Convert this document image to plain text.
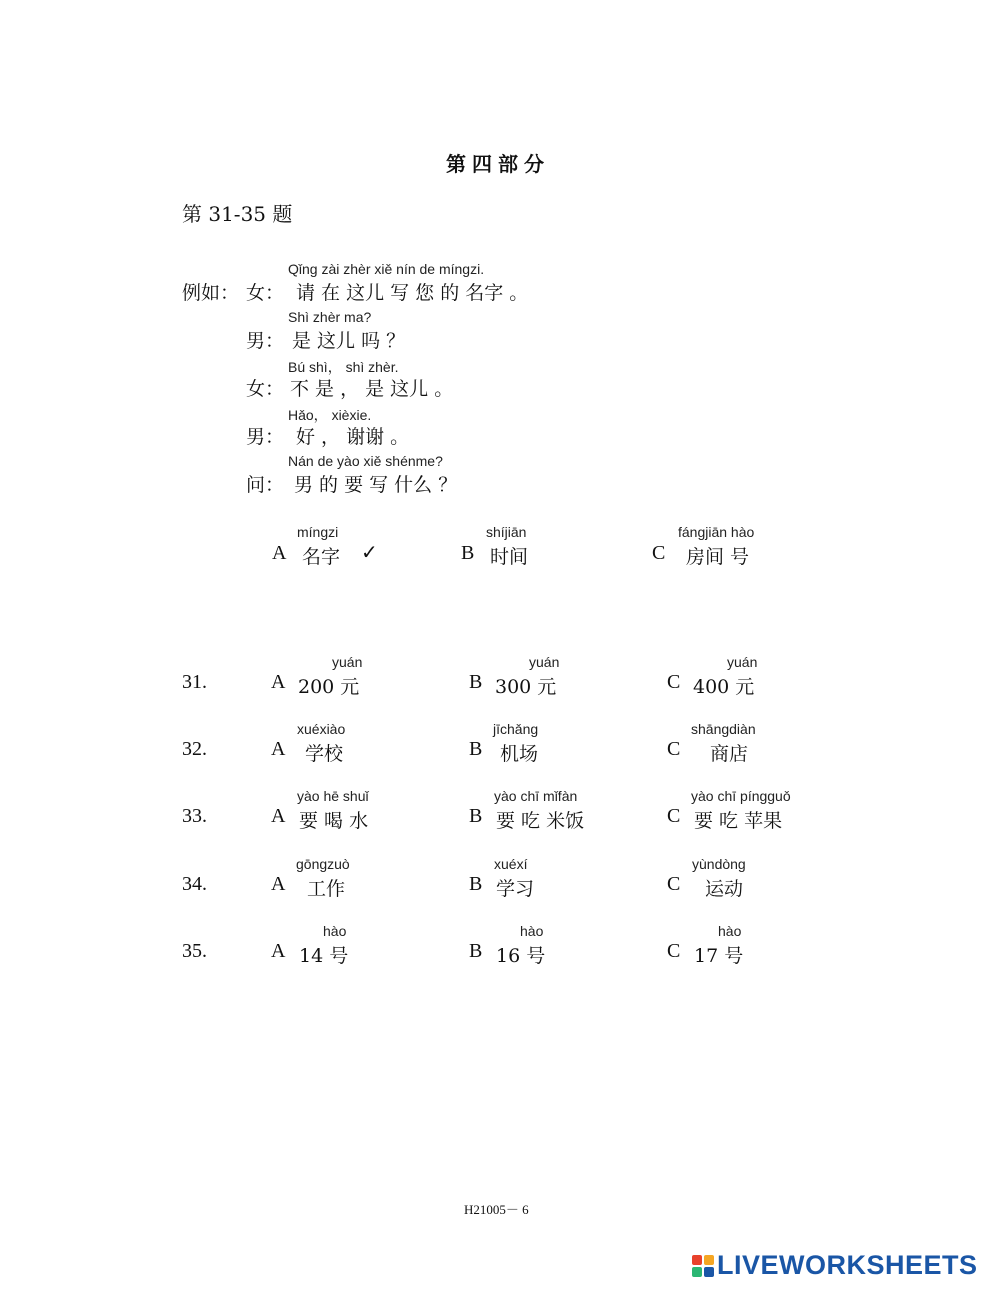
第四部分
第 31-35 题
例如： 女：
Qǐng zài zhèr xiě nín de míngzi.
请 在 这儿 写 您 的 名字 。
男：
Shì zhèr ma?
是 这儿 吗 ？
女：
Bú shì， shì zhèr.
不 是 ， 是 这儿 。
男：
Hǎo， xièxie.
好 ， 谢谢 。
问：
Nán de yào xiě shénme?
男 的 要 写 什么 ？
A
míngzi
名字 ✓	B
shíjiān
时间	C
fángjiān hào
房间 号
31.	A
yuán
200 元	B
yuán
300 元	C
yuán
400 元
32.	A
xuéxiào
学校	B
jīchǎng
机场	C
shāngdiàn
商店
33.	A
yào hē shuǐ
要 喝 水	B
yào chī mǐfàn
要 吃 米饭	C
yào chī píngguǒ
要 吃 苹果
34.	A
gōngzuò
工作	B
xuéxí
学习	C
yùndòng
运动
35.	A
hào
14 号	B
hào
16 号	C
hào
17 号
H21005－ 6
LIVEWORKSHEETS
